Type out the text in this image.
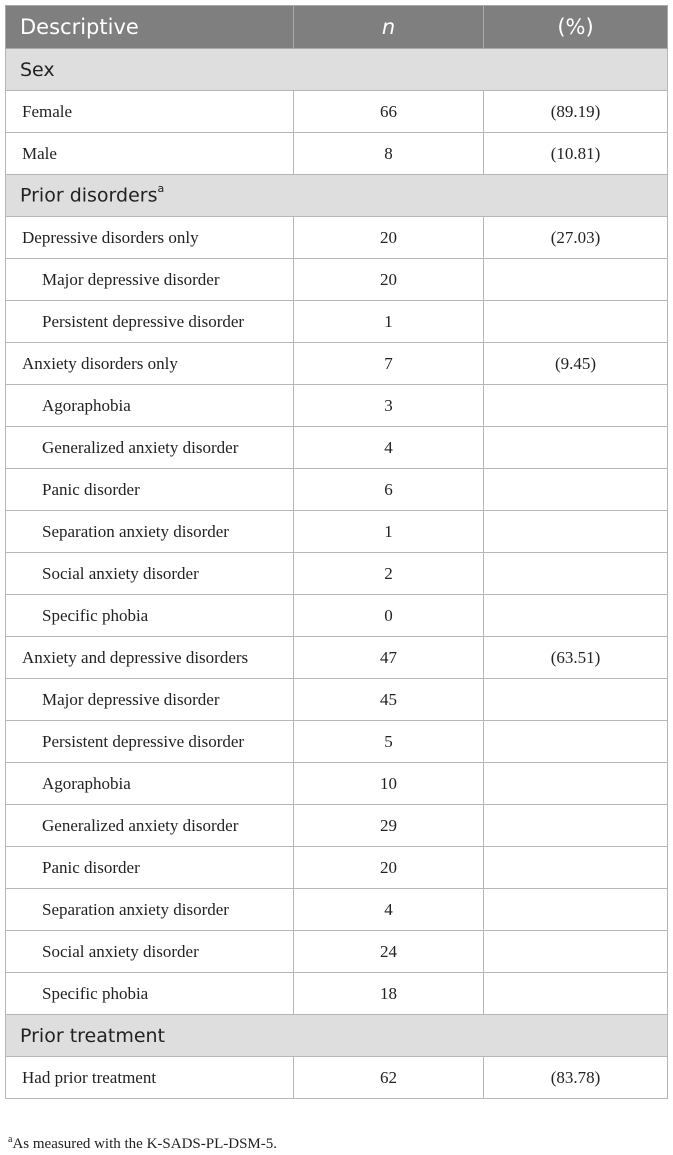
Descriptive	n	(%)
Sex		
Female	66	(89.19)
Male	8	(10.81)
Prior disorders$^a$
Depressive disorders only	20	(27.03)
Major depressive disorder	20	
Persistent depressive disorder	1	
Anxiety disorders only	7	(9.45)
Agoraphobia	3	
Generalized anxiety disorder	4	
Panic disorder	6	
Separation anxiety disorder	1	
Social anxiety disorder	2	
Specific phobia	0	
Anxiety and depressive disorders	47	(63.51)
Major depressive disorder	45	
Persistent depressive disorder	5	
Agoraphobia	10	
Generalized anxiety disorder	29	
Panic disorder	20	
Separation anxiety disorder	4	
Social anxiety disorder	24	
Specific phobia	18	
Prior treatment		
Had prior treatment	62	(83.78)
$^a$As measured with the K-SADS-PL-DSM-5.
